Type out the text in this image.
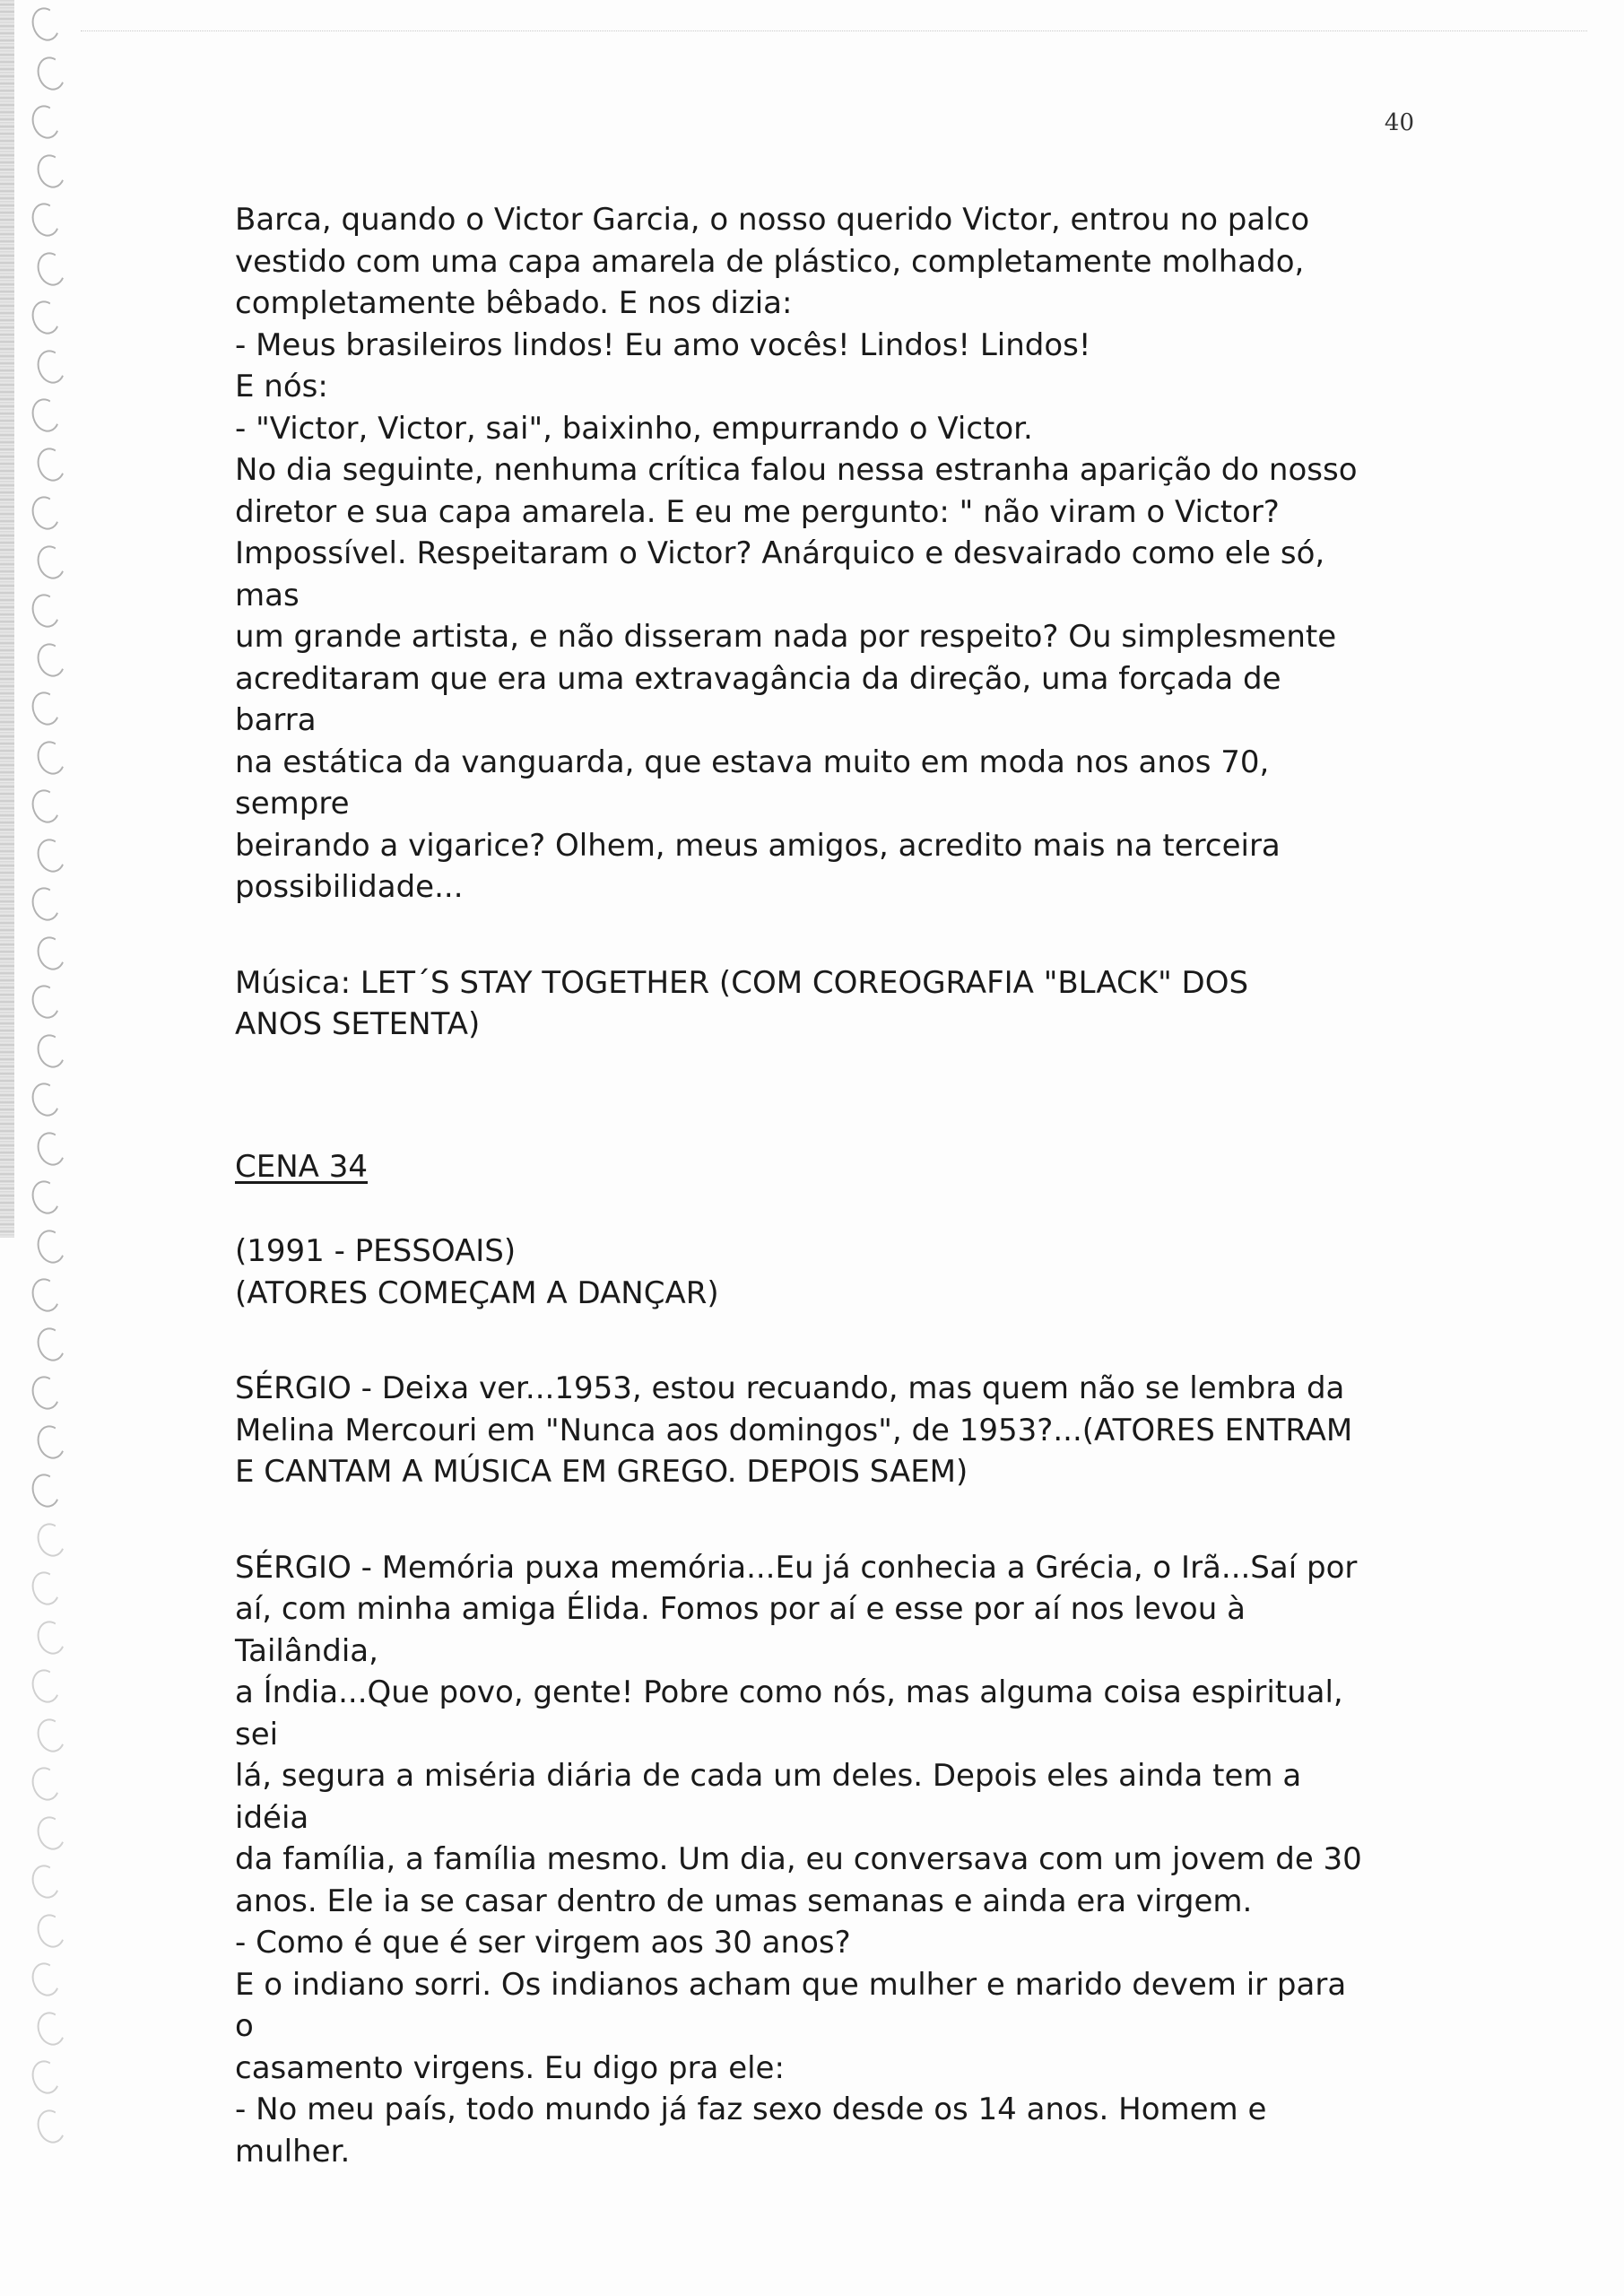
40

Barca, quando o Victor Garcia, o nosso querido Victor, entrou no palco
vestido com uma capa amarela de plástico, completamente molhado,
completamente bêbado. E nos dizia:

- Meus brasileiros lindos! Eu amo vocês! Lindos! Lindos!

E nós:

- "Victor, Victor, sai", baixinho, empurrando o Victor.

No dia seguinte, nenhuma crítica falou nessa estranha aparição do nosso
diretor e sua capa amarela. E eu me pergunto: " não viram o Victor?
Impossível. Respeitaram o Victor? Anárquico e desvairado como ele só, mas
um grande artista, e não disseram nada por respeito? Ou simplesmente
acreditaram que era uma extravagância da direção, uma forçada de barra
na estática da vanguarda, que estava muito em moda nos anos 70, sempre
beirando a vigarice? Olhem, meus amigos, acredito mais na terceira
possibilidade...

Música: LET´S STAY TOGETHER (COM COREOGRAFIA "BLACK" DOS
ANOS SETENTA)

CENA 34

(1991 - PESSOAIS)

(ATORES COMEÇAM A DANÇAR)

SÉRGIO - Deixa ver...1953, estou recuando, mas quem não se lembra da
Melina Mercouri em "Nunca aos domingos", de 1953?...(ATORES ENTRAM
E CANTAM A MÚSICA EM GREGO. DEPOIS SAEM)

SÉRGIO - Memória puxa memória...Eu já conhecia a Grécia, o Irã...Saí por
aí, com minha amiga Élida. Fomos por aí e esse por aí nos levou à Tailândia,
a Índia...Que povo, gente! Pobre como nós, mas alguma coisa espiritual, sei
lá, segura a miséria diária de cada um deles. Depois eles ainda tem a idéia
da família, a família mesmo. Um dia, eu conversava com um jovem de 30
anos. Ele ia se casar dentro de umas semanas e ainda era virgem.

- Como é que é ser virgem aos 30 anos?

E o indiano sorri. Os indianos acham que mulher e marido devem ir para o
casamento virgens. Eu digo pra ele:

- No meu país, todo mundo já faz sexo desde os 14 anos. Homem e mulher.
